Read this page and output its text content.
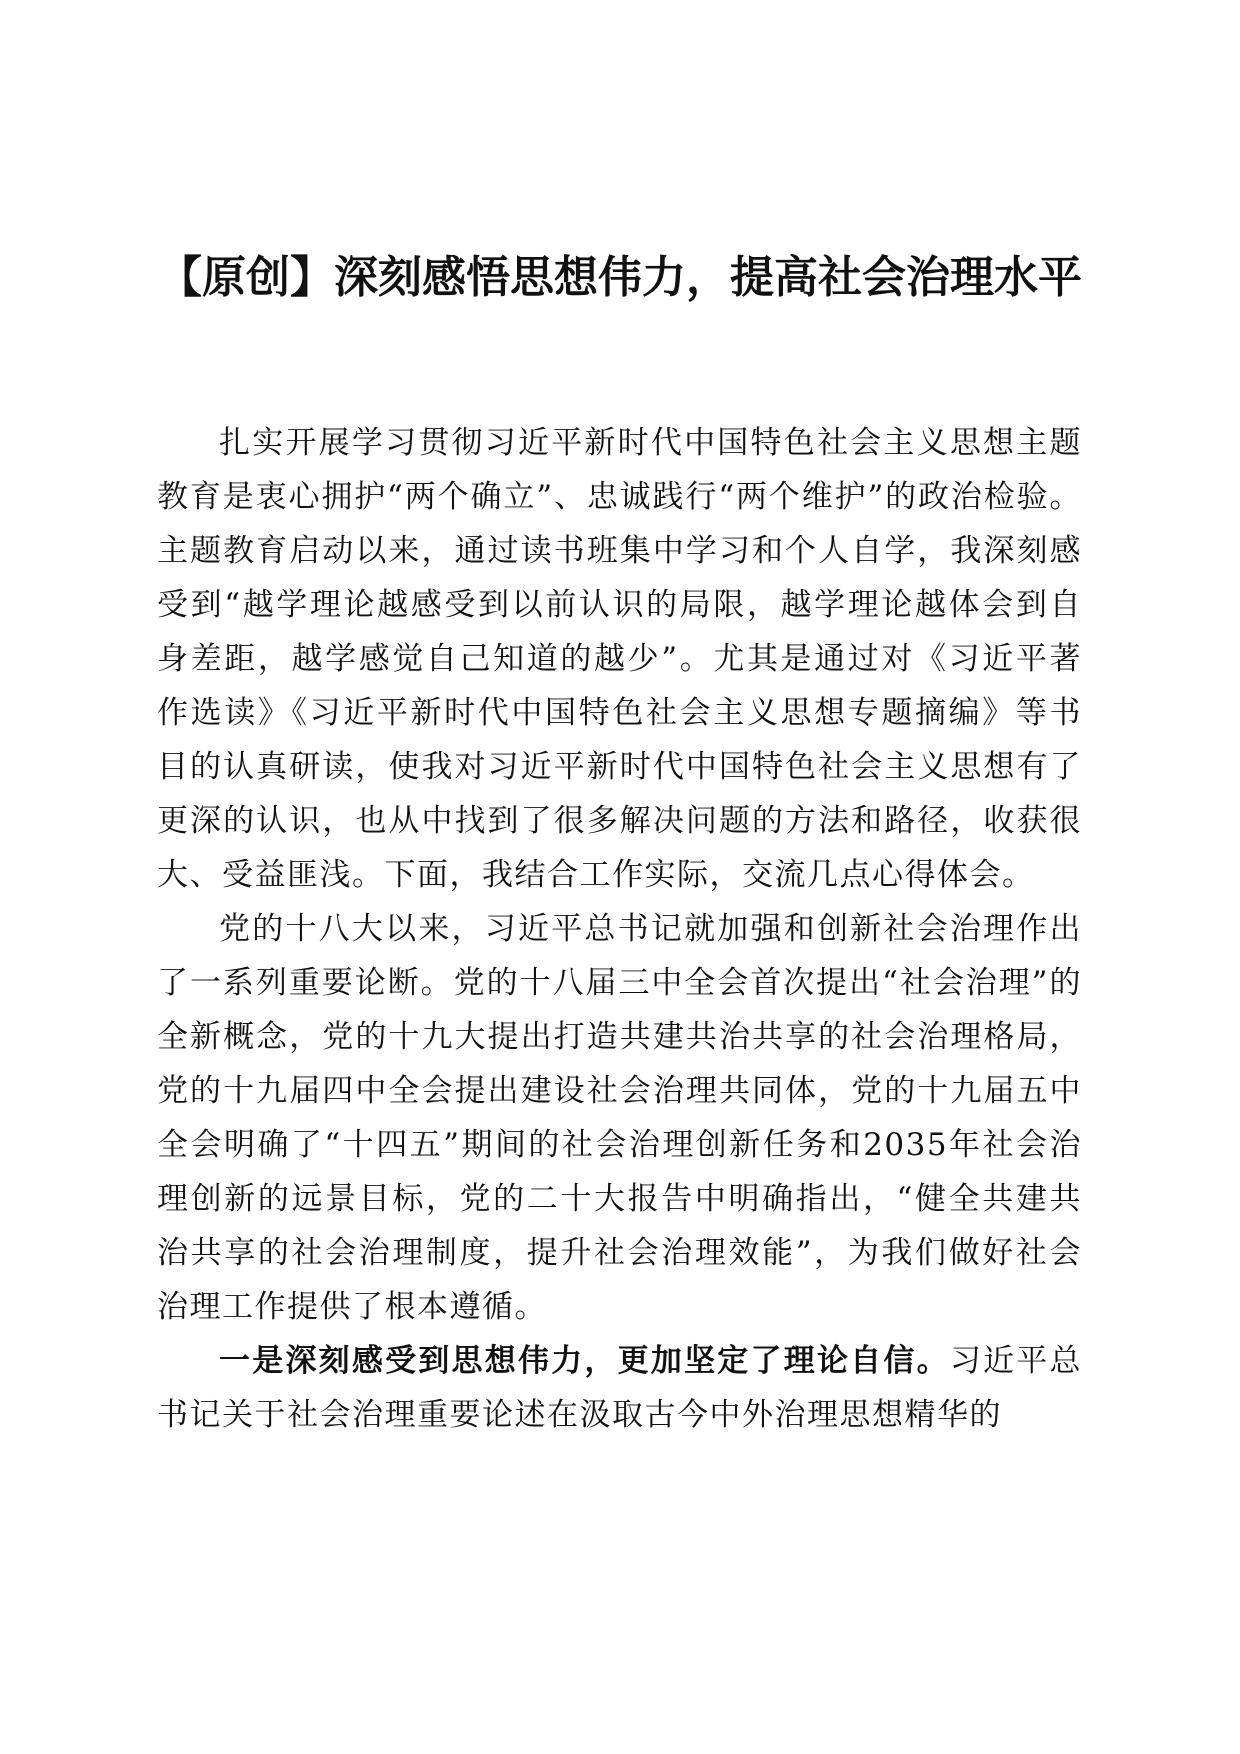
【原创】深刻感悟思想伟力，提高社会治理水平

扎实开展学习贯彻习近平新时代中国特色社会主义思想主题教育是衷心拥护“两个确立”、忠诚践行“两个维护”的政治检验。主题教育启动以来，通过读书班集中学习和个人自学，我深刻感受到“越学理论越感受到以前认识的局限，越学理论越体会到自身差距，越学感觉自己知道的越少”。尤其是通过对《习近平著作选读》《习近平新时代中国特色社会主义思想专题摘编》等书目的认真研读，使我对习近平新时代中国特色社会主义思想有了更深的认识，也从中找到了很多解决问题的方法和路径，收获很大、受益匪浅。下面，我结合工作实际，交流几点心得体会。

党的十八大以来，习近平总书记就加强和创新社会治理作出了一系列重要论断。党的十八届三中全会首次提出“社会治理”的全新概念，党的十九大提出打造共建共治共享的社会治理格局，党的十九届四中全会提出建设社会治理共同体，党的十九届五中全会明确了“十四五”期间的社会治理创新任务和2035年社会治理创新的远景目标，党的二十大报告中明确指出，“健全共建共治共享的社会治理制度，提升社会治理效能”，为我们做好社会治理工作提供了根本遵循。

一是深刻感受到思想伟力，更加坚定了理论自信。习近平总书记关于社会治理重要论述在汲取古今中外治理思想精华的
